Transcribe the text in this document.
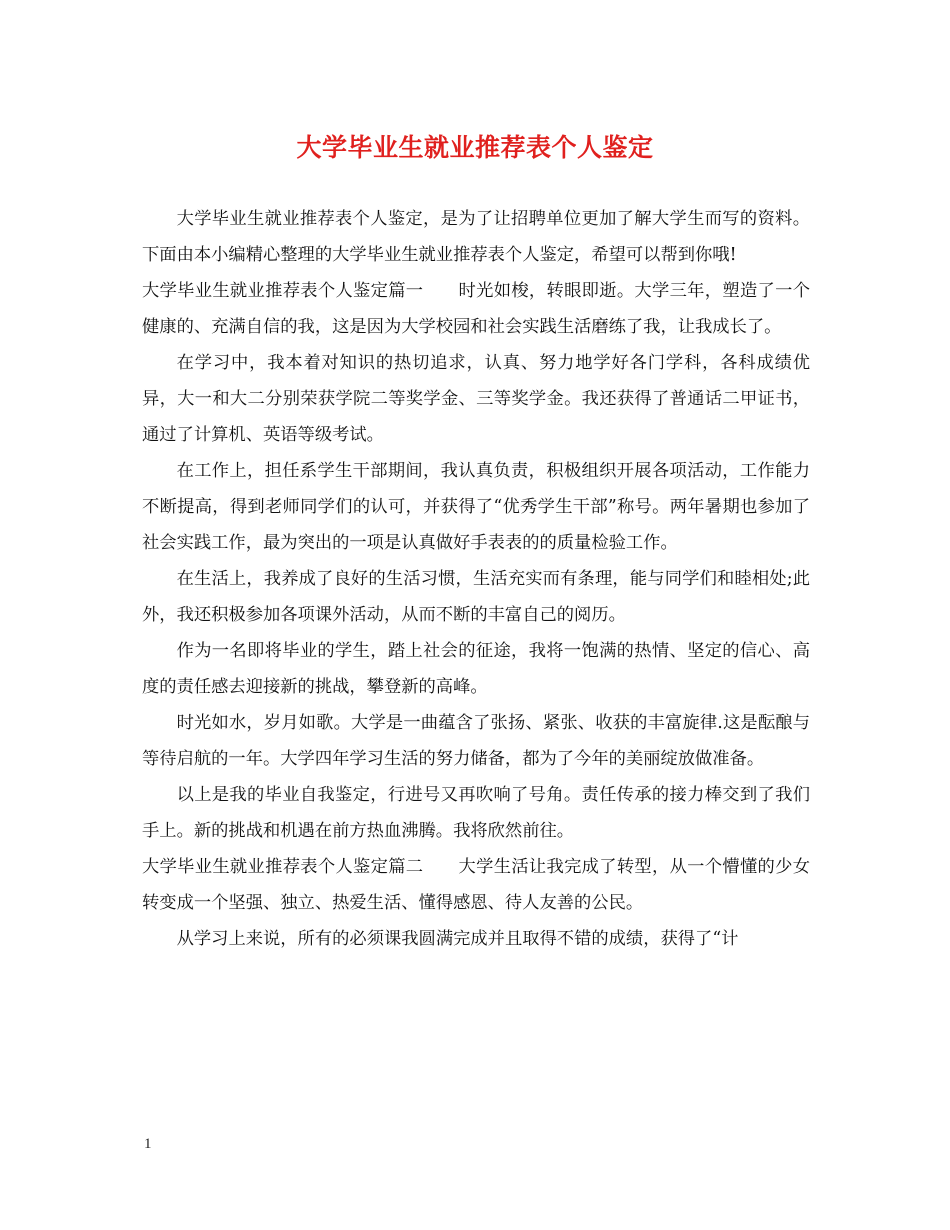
大学毕业生就业推荐表个人鉴定

大学毕业生就业推荐表个人鉴定，是为了让招聘单位更加了解大学生而写的资料。下面由本小编精心整理的大学毕业生就业推荐表个人鉴定，希望可以帮到你哦!

大学毕业生就业推荐表个人鉴定篇一　　时光如梭，转眼即逝。大学三年，塑造了一个健康的、充满自信的我，这是因为大学校园和社会实践生活磨练了我，让我成长了。

在学习中，我本着对知识的热切追求，认真、努力地学好各门学科，各科成绩优异，大一和大二分别荣获学院二等奖学金、三等奖学金。我还获得了普通话二甲证书，通过了计算机、英语等级考试。

在工作上，担任系学生干部期间，我认真负责，积极组织开展各项活动，工作能力不断提高，得到老师同学们的认可，并获得了“优秀学生干部”称号。两年暑期也参加了社会实践工作，最为突出的一项是认真做好手表表的的质量检验工作。

在生活上，我养成了良好的生活习惯，生活充实而有条理，能与同学们和睦相处;此外，我还积极参加各项课外活动，从而不断的丰富自己的阅历。

作为一名即将毕业的学生，踏上社会的征途，我将一饱满的热情、坚定的信心、高度的责任感去迎接新的挑战，攀登新的高峰。

时光如水，岁月如歌。大学是一曲蕴含了张扬、紧张、收获的丰富旋律.这是酝酿与等待启航的一年。大学四年学习生活的努力储备，都为了今年的美丽绽放做准备。

以上是我的毕业自我鉴定，行进号又再吹响了号角。责任传承的接力棒交到了我们手上。新的挑战和机遇在前方热血沸腾。我将欣然前往。

大学毕业生就业推荐表个人鉴定篇二　　大学生活让我完成了转型，从一个懵懂的少女转变成一个坚强、独立、热爱生活、懂得感恩、待人友善的公民。

从学习上来说，所有的必须课我圆满完成并且取得不错的成绩，获得了“计

1
